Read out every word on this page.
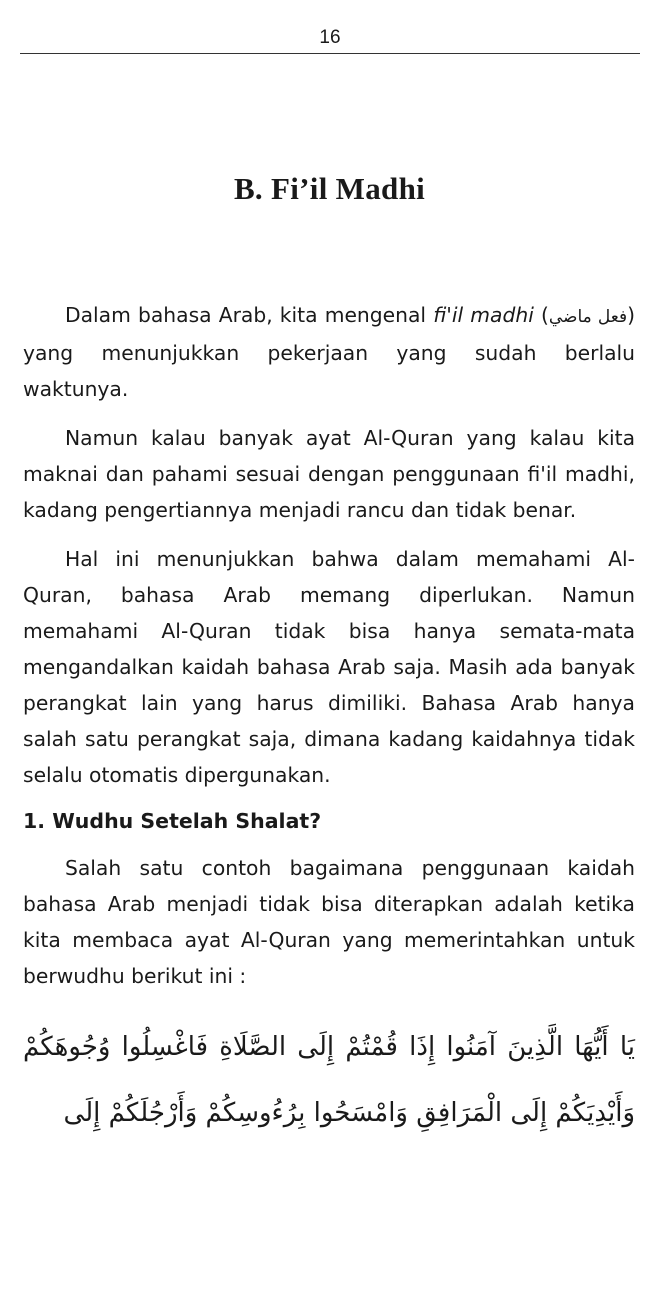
16
B. Fi’il Madhi

Dalam bahasa Arab, kita mengenal fi'il madhi (فعل ماضي) yang menunjukkan pekerjaan yang sudah berlalu waktunya.

Namun kalau banyak ayat Al-Quran yang kalau kita maknai dan pahami sesuai dengan penggunaan fi'il madhi, kadang pengertiannya menjadi rancu dan tidak benar.

Hal ini menunjukkan bahwa dalam memahami Al-Quran, bahasa Arab memang diperlukan. Namun memahami Al-Quran tidak bisa hanya semata-mata mengandalkan kaidah bahasa Arab saja. Masih ada banyak perangkat lain yang harus dimiliki. Bahasa Arab hanya salah satu perangkat saja, dimana kadang kaidahnya tidak selalu otomatis dipergunakan.

1. Wudhu Setelah Shalat?

Salah satu contoh bagaimana penggunaan kaidah bahasa Arab menjadi tidak bisa diterapkan adalah ketika kita membaca ayat Al-Quran yang memerintahkan untuk berwudhu berikut ini :

يَا أَيُّهَا الَّذِينَ آمَنُوا إِذَا قُمْتُمْ إِلَى الصَّلَاةِ فَاغْسِلُوا وُجُوهَكُمْ وَأَيْدِيَكُمْ إِلَى الْمَرَافِقِ وَامْسَحُوا بِرُءُوسِكُمْ وَأَرْجُلَكُمْ إِلَى
